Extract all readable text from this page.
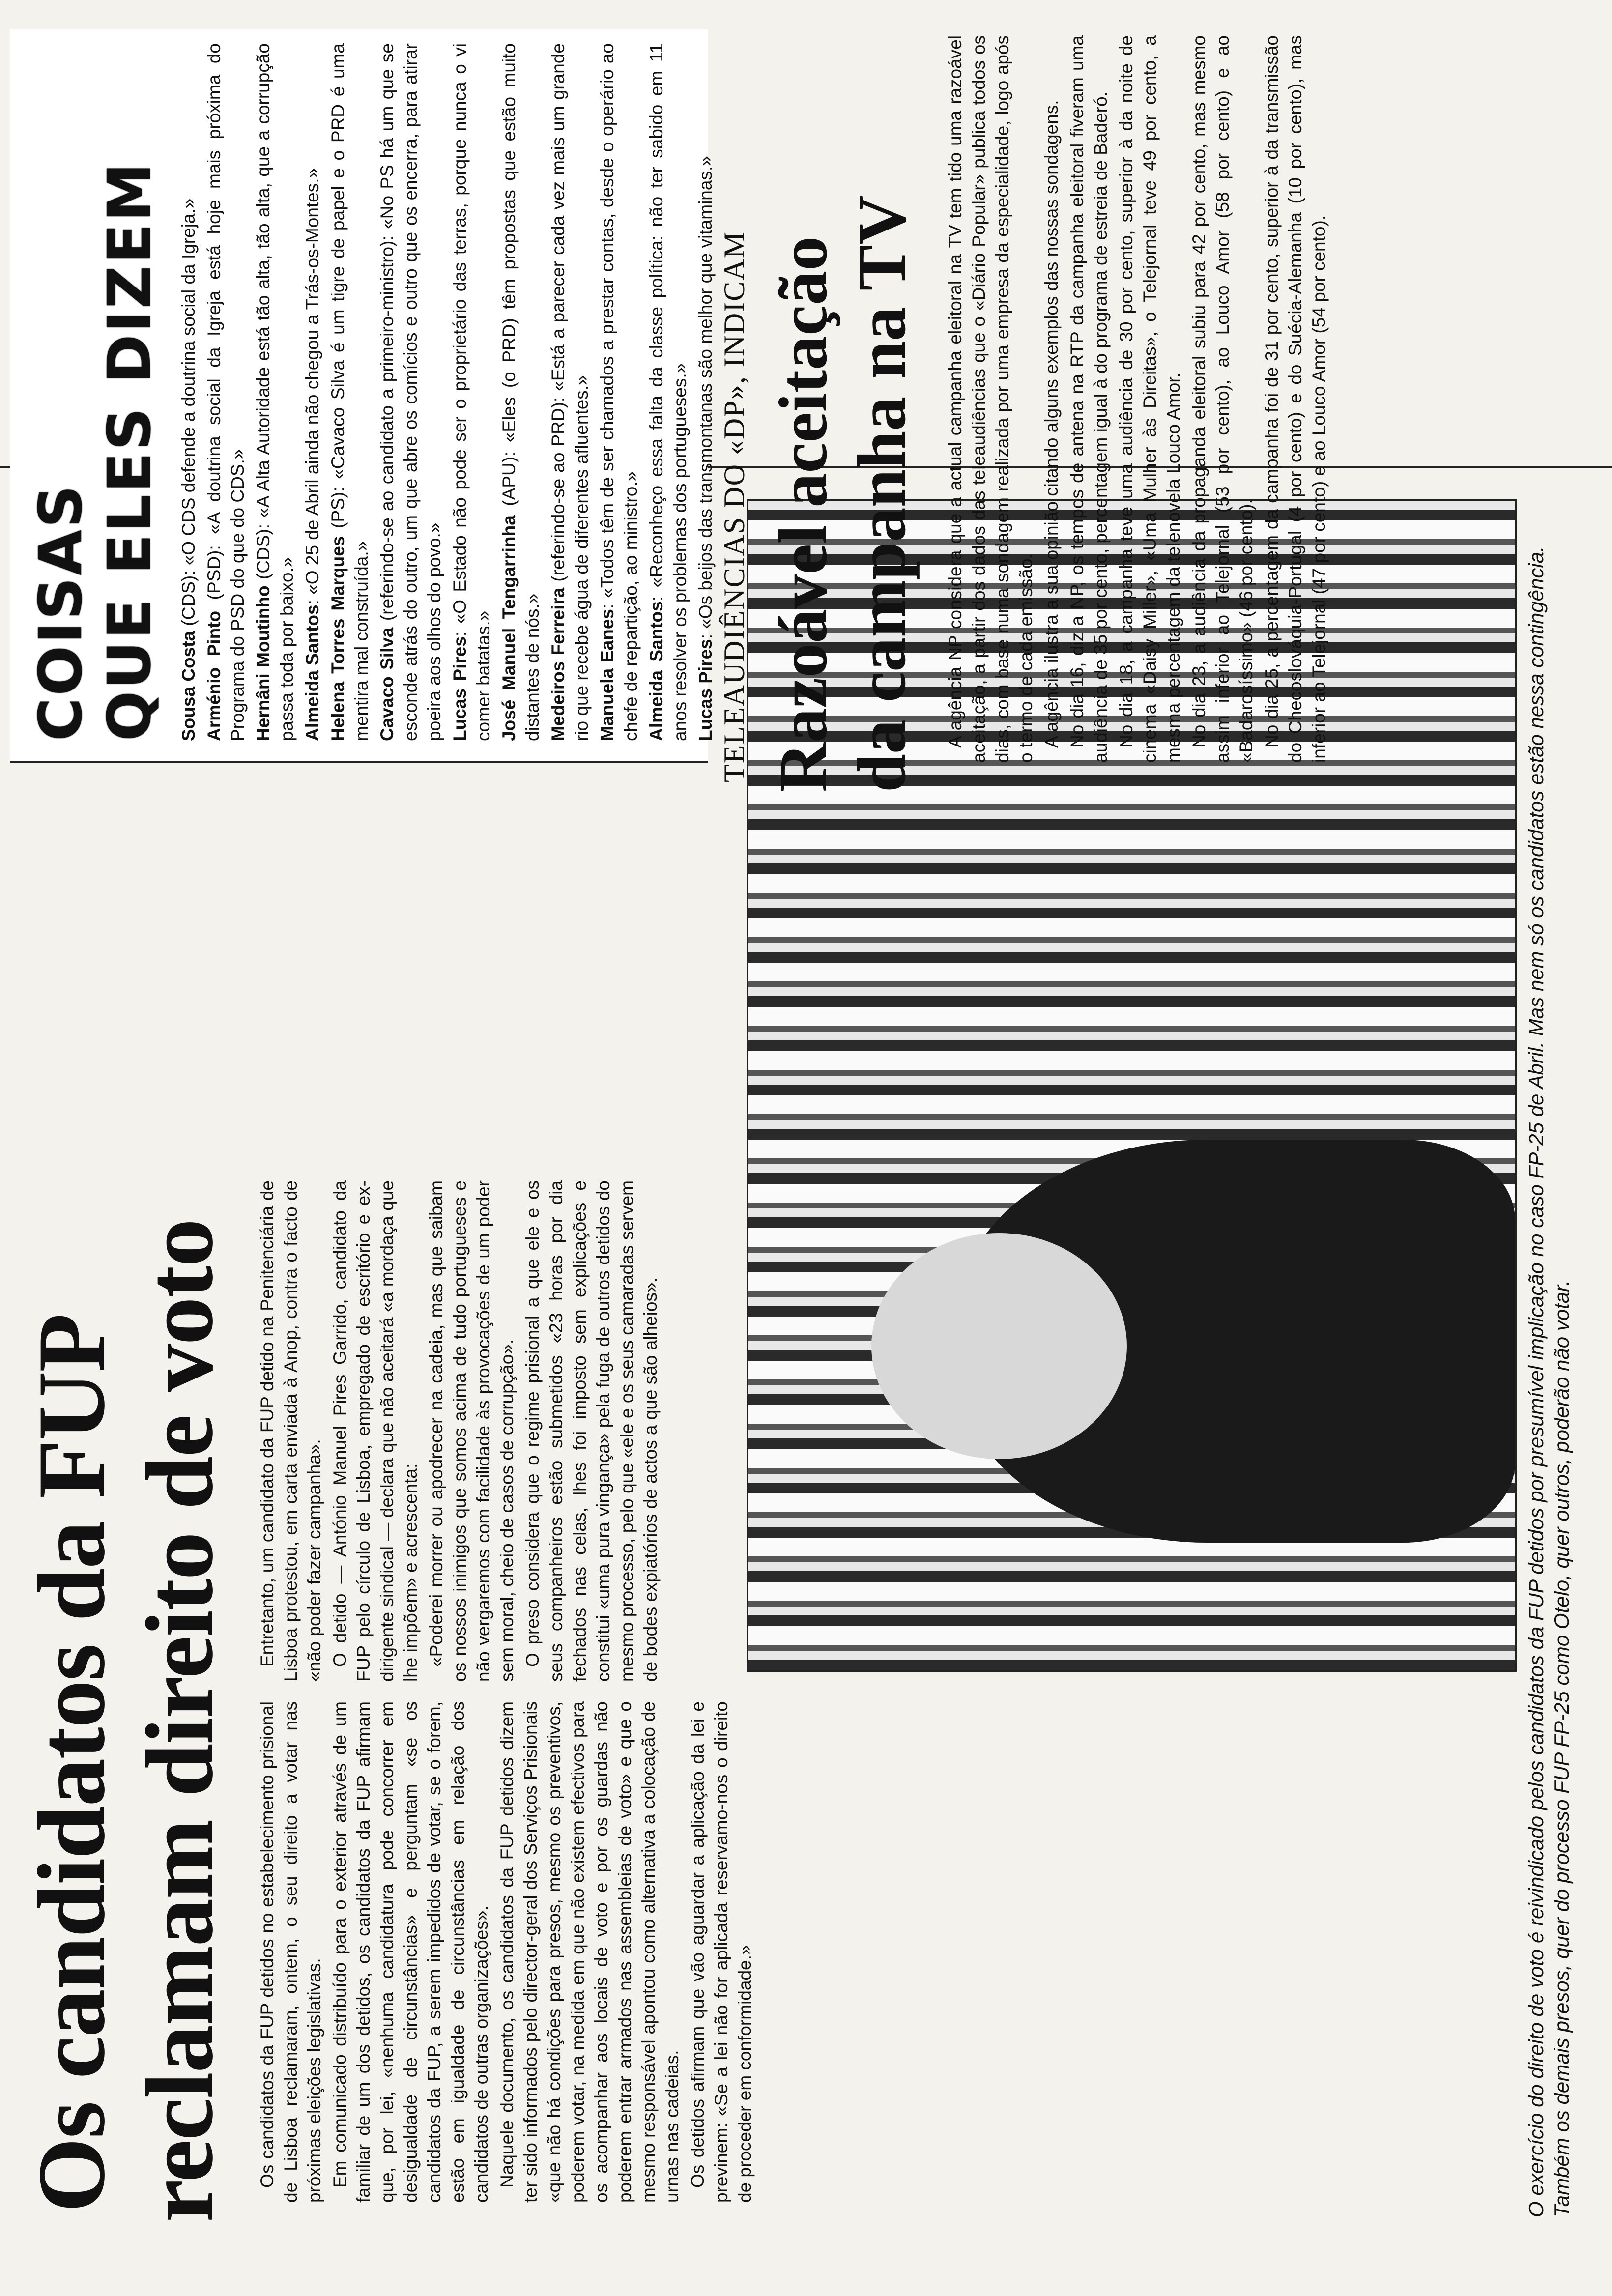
Os candidatos da FUP reclamam direito de voto Os candidatos da FUP detidos no estabelecimento prisional de Lisboa reclamaram, ontem, o seu direito a votar nas próximas eleições legislativas. Em comunicado distribuído para o exterior através de um familiar de um dos detidos, os candidatos da FUP afirmam que, por lei, «nenhuma candidatura pode concorrer em desigualdade de circunstâncias» e perguntam «se os candidatos da FUP, a serem impedidos de votar, se o forem, estão em igualdade de circunstâncias em relação dos candidatos de outras organizações». Naquele documento, os candidatos da FUP detidos dizem ter sido informados pelo director-geral dos Serviços Prisionais «que não há condições para presos, mesmo os preventivos, poderem votar, na medida em que não existem efectivos para os acompanhar aos locais de voto e por os guardas não poderem entrar armados nas assembleias de voto» e que o mesmo responsável apontou como alternativa a colocação de urnas nas cadeias. Os detidos afirmam que vão aguardar a aplicação da lei e previnem: «Se a lei não for aplicada reservamo-nos o direito de proceder em conformidade.»

Entretanto, um candidato da FUP detido na Penitenciária de Lisboa protestou, em carta enviada à Anop, contra o facto de «não poder fazer campanha». O detido — António Manuel Pires Garrido, candidato da FUP pelo círculo de Lisboa, empregado de escritório e ex-dirigente sindical — declara que não aceitará «a mordaça que lhe impõem» e acrescenta: «Poderei morrer ou apodrecer na cadeia, mas que saibam os nossos inimigos que somos acima de tudo portugueses e não vergaremos com facilidade às provocações de um poder sem moral, cheio de casos de corrupção». O preso considera que o regime prisional a que ele e os seus companheiros estão submetidos «23 horas por dia fechados nas celas, lhes foi imposto sem explicações e constitui «uma pura vingança» pela fuga de outros detidos do mesmo processo, pelo que «ele e os seus camaradas servem de bodes expiatórios de actos a que são alheios».	O exercício do direito de voto é reivindicado pelos candidatos da FUP detidos por presumível implicação no caso FP-25 de Abril. Mas nem só os candidatos estão nessa contingência. Também os demais presos, quer do processo FUP FP-25 como Otelo, quer outros, poderão não votar.
TELEAUDIÊNCIAS DO «DP», INDICAM Razoável aceitação da campanha na TV A agência NP considera que a actual campanha eleitoral na TV tem tido uma razoável aceitação, a partir dos dados das teleaudiências que o «Diário Popular» publica todos os dias, com base numa sondagem realizada por uma empresa da especialidade, logo após o termo de cada emissão. A agência ilustra a sua opinião citando alguns exemplos das nossas sondagens. No dia 16, diz a NP, os tempos de antena na RTP da campanha eleitoral fiveram uma audiência de 35 por cento, percentagem igual à do programa de estreia de Baderó. No dia 18, a campanha teve uma audiência de 30 por cento, superior à da noite de cinema «Daisy Miller», «Uma Mulher às Direitas», o Telejornal teve 49 por cento, a mesma percentagem da telenovela Louco Amor. No dia 23, a audiência da propaganda eleitoral subiu para 42 por cento, mas mesmo assim inferior ao Telejornal (53 por cento), ao Louco Amor (58 por cento) e ao «Badarosíssimo» (46 por cento). No dia 25, a percentagem da campanha foi de 31 por cento, superior à da transmissão do Checoslováquia-Portugal (4 por cento) e do Suécia-Alemanha (10 por cento), mas inferior ao Telejornal (47 por cento) e ao Louco Amor (54 por cento).

COISAS QUE ELES DIZEM Sousa Costa (CDS): «O CDS defende a doutrina social da Igreja.»

Arménio Pinto (PSD): «A doutrina social da Igreja está hoje mais próxima do Programa do PSD do que do CDS.» Hernâni Moutinho (CDS): «A Alta Autoridade está tão alta, tão alta, que a corrupção passa toda por baixo.» Almeida Santos: «O 25 de Abril ainda não chegou a Trás-os-Montes.»

Helena Torres Marques (PS): «Cavaco Silva é um tigre de papel e o PRD é uma mentira mal construída.» Cavaco Silva (referindo-se ao candidato a primeiro-ministro): «No PS há um que se esconde atrás do outro, um que abre os comícios e outro que os encerra, para atirar poeira aos olhos do povo.» Lucas Pires: «O Estado não pode ser o proprietário das terras, porque nunca o vi comer batatas.» José Manuel Tengarrinha (APU): «Eles (o PRD) têm propostas que estão muito distantes de nós.» Medeiros Ferreira (referindo-se ao PRD): «Está a parecer cada vez mais um grande rio que recebe água de diferentes afluentes.» Manuela Eanes: «Todos têm de ser chamados a prestar contas, desde o operário ao chefe de repartição, ao ministro.» Almeida Santos: «Reconheço essa falta da classe política: não ter sabido em 11 anos resolver os problemas dos portugueses.» Lucas Pires: «Os beijos das transmontanas são melhor que vitaminas.»
